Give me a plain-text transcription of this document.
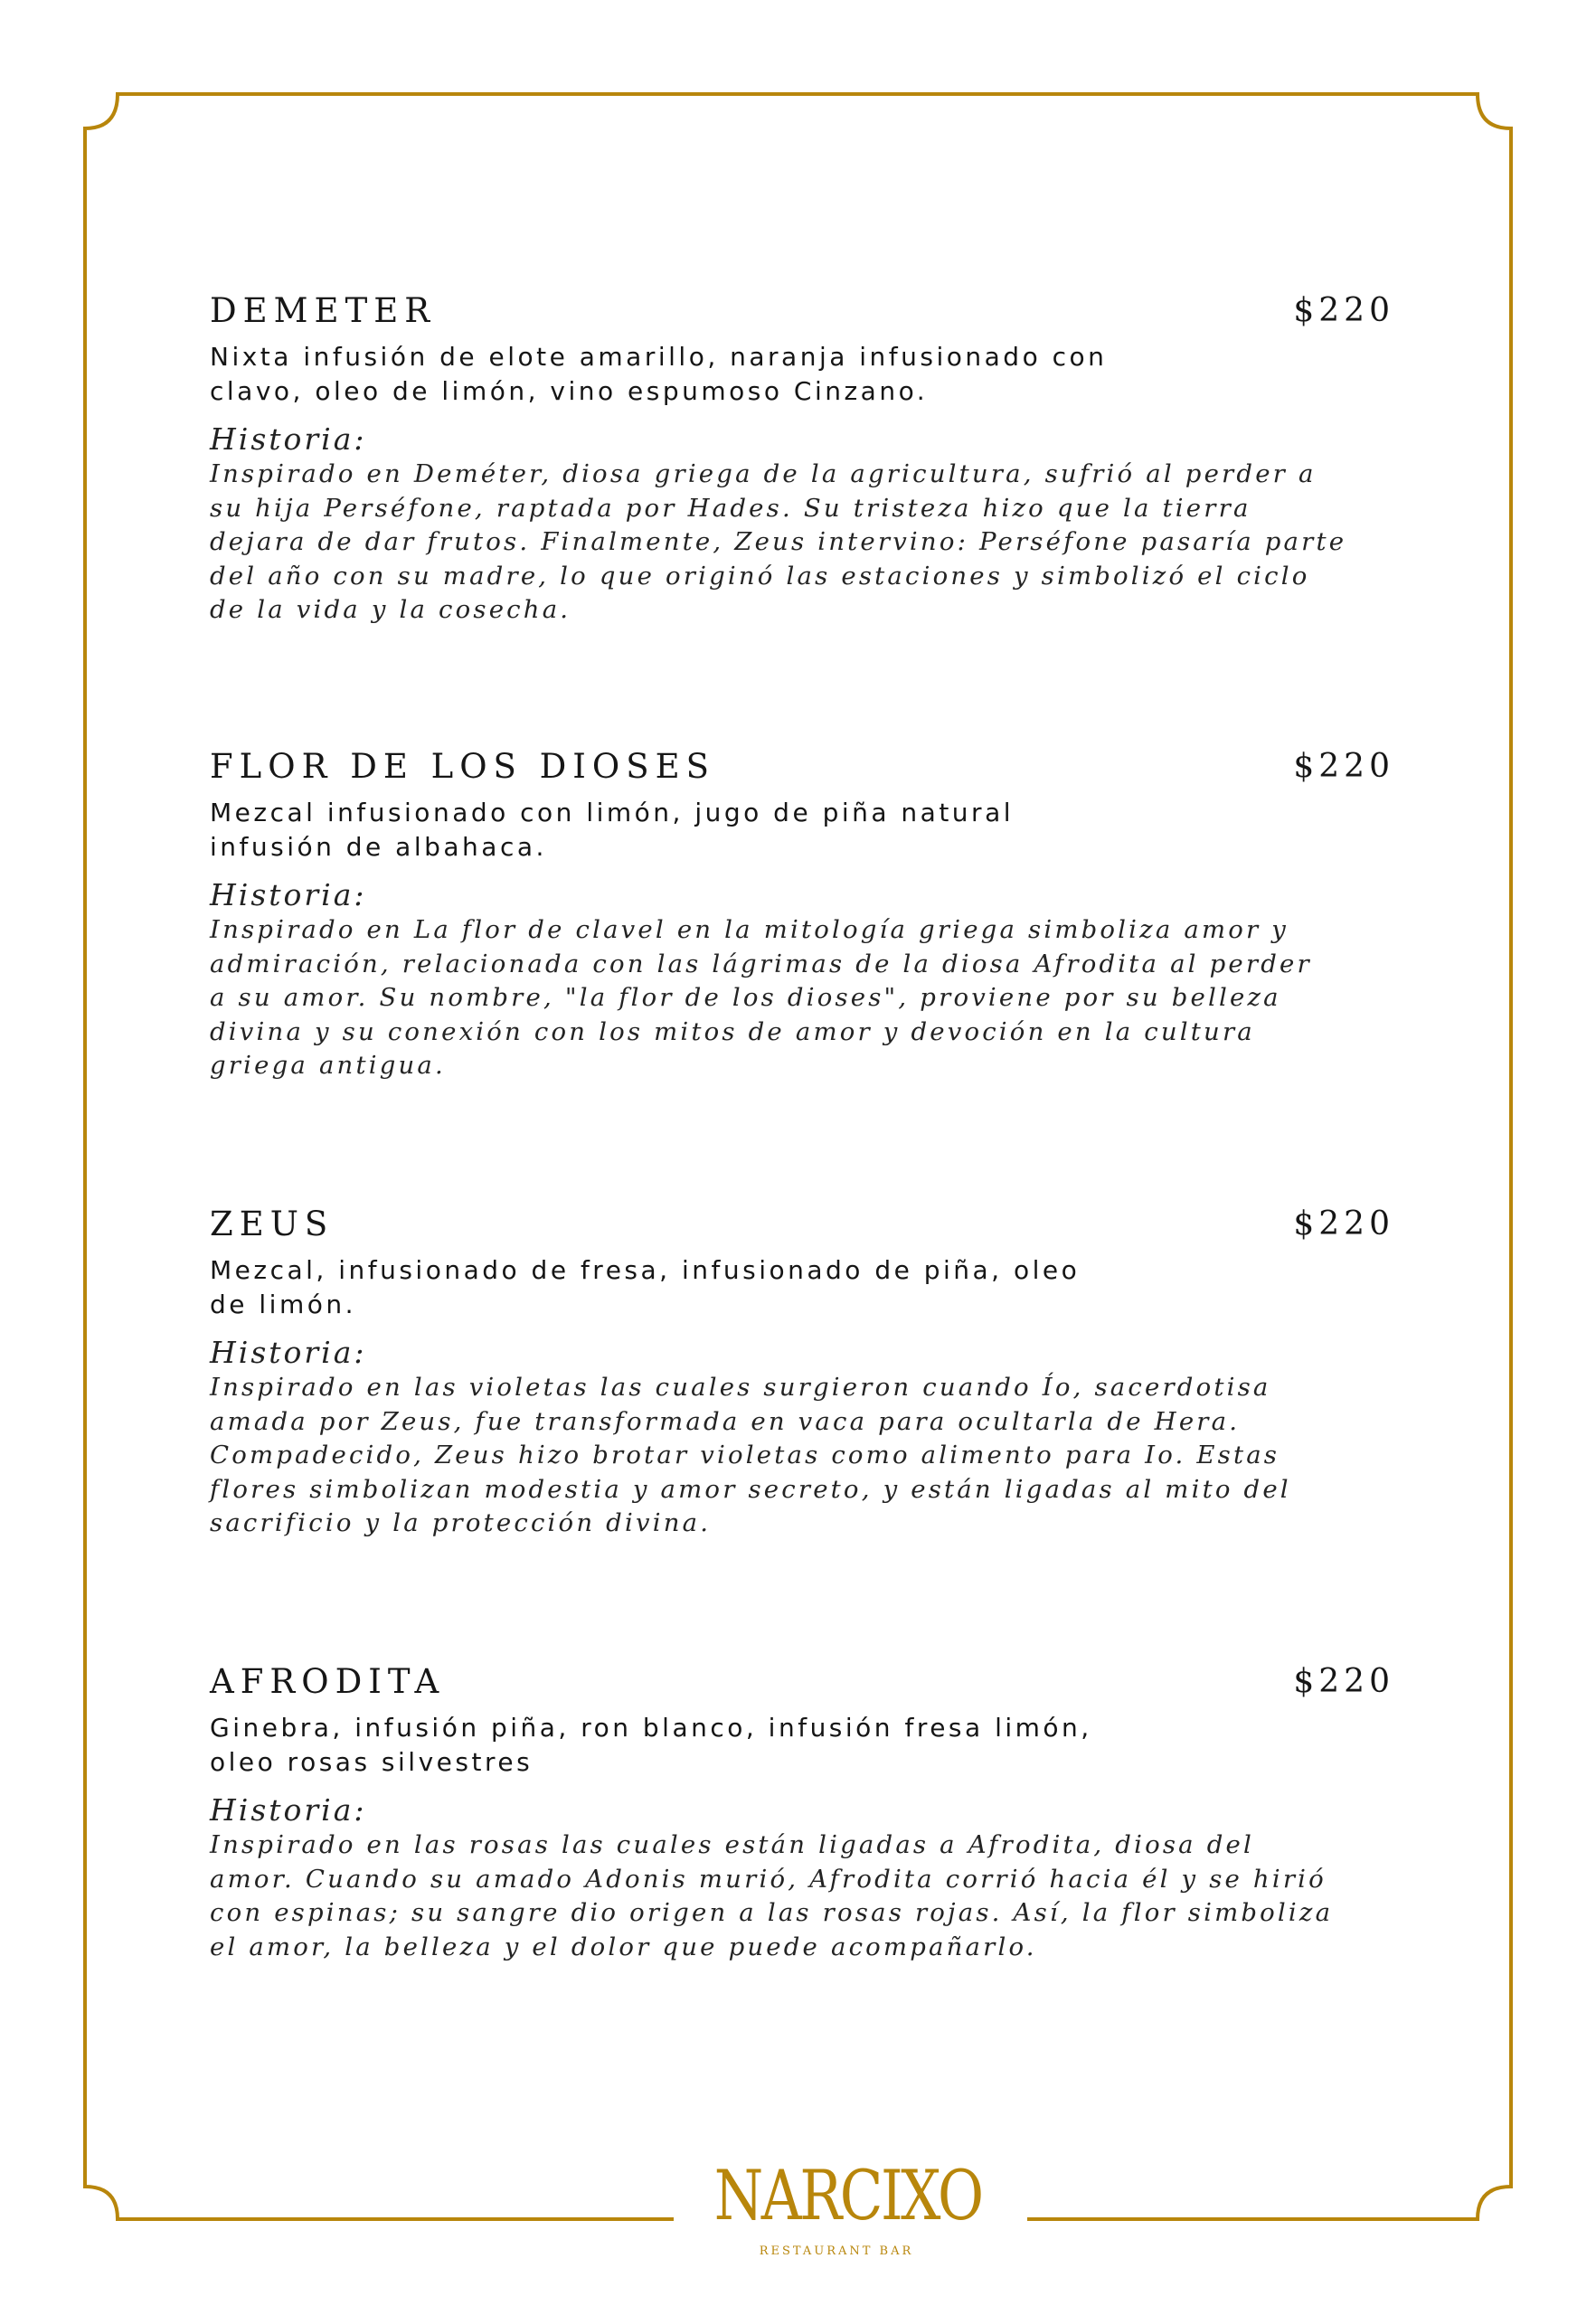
DEMETER	$220
Nixta infusión de elote amarillo, naranja infusionado con
clavo, oleo de limón, vino espumoso Cinzano.
Historia:
Inspirado en Deméter, diosa griega de la agricultura, sufrió al perder a
su hija Perséfone, raptada por Hades. Su tristeza hizo que la tierra
dejara de dar frutos. Finalmente, Zeus intervino: Perséfone pasaría parte
del año con su madre, lo que originó las estaciones y simbolizó el ciclo
de la vida y la cosecha.
FLOR DE LOS DIOSES	$220
Mezcal infusionado con limón, jugo de piña natural
infusión de albahaca.
Historia:
Inspirado en La flor de clavel en la mitología griega simboliza amor y
admiración, relacionada con las lágrimas de la diosa Afrodita al perder
a su amor. Su nombre, "la flor de los dioses", proviene por su belleza
divina y su conexión con los mitos de amor y devoción en la cultura
griega antigua.
ZEUS	$220
Mezcal, infusionado de fresa, infusionado de piña, oleo
de limón.
Historia:
Inspirado en las violetas las cuales surgieron cuando Ío, sacerdotisa
amada por Zeus, fue transformada en vaca para ocultarla de Hera.
Compadecido, Zeus hizo brotar violetas como alimento para Io. Estas
flores simbolizan modestia y amor secreto, y están ligadas al mito del
sacrificio y la protección divina.
AFRODITA	$220
Ginebra, infusión piña, ron blanco, infusión fresa limón,
oleo rosas silvestres
Historia:
Inspirado en las rosas las cuales están ligadas a Afrodita, diosa del
amor. Cuando su amado Adonis murió, Afrodita corrió hacia él y se hirió
con espinas; su sangre dio origen a las rosas rojas. Así, la flor simboliza
el amor, la belleza y el dolor que puede acompañarlo.
NARCIXO
RESTAURANT BAR
